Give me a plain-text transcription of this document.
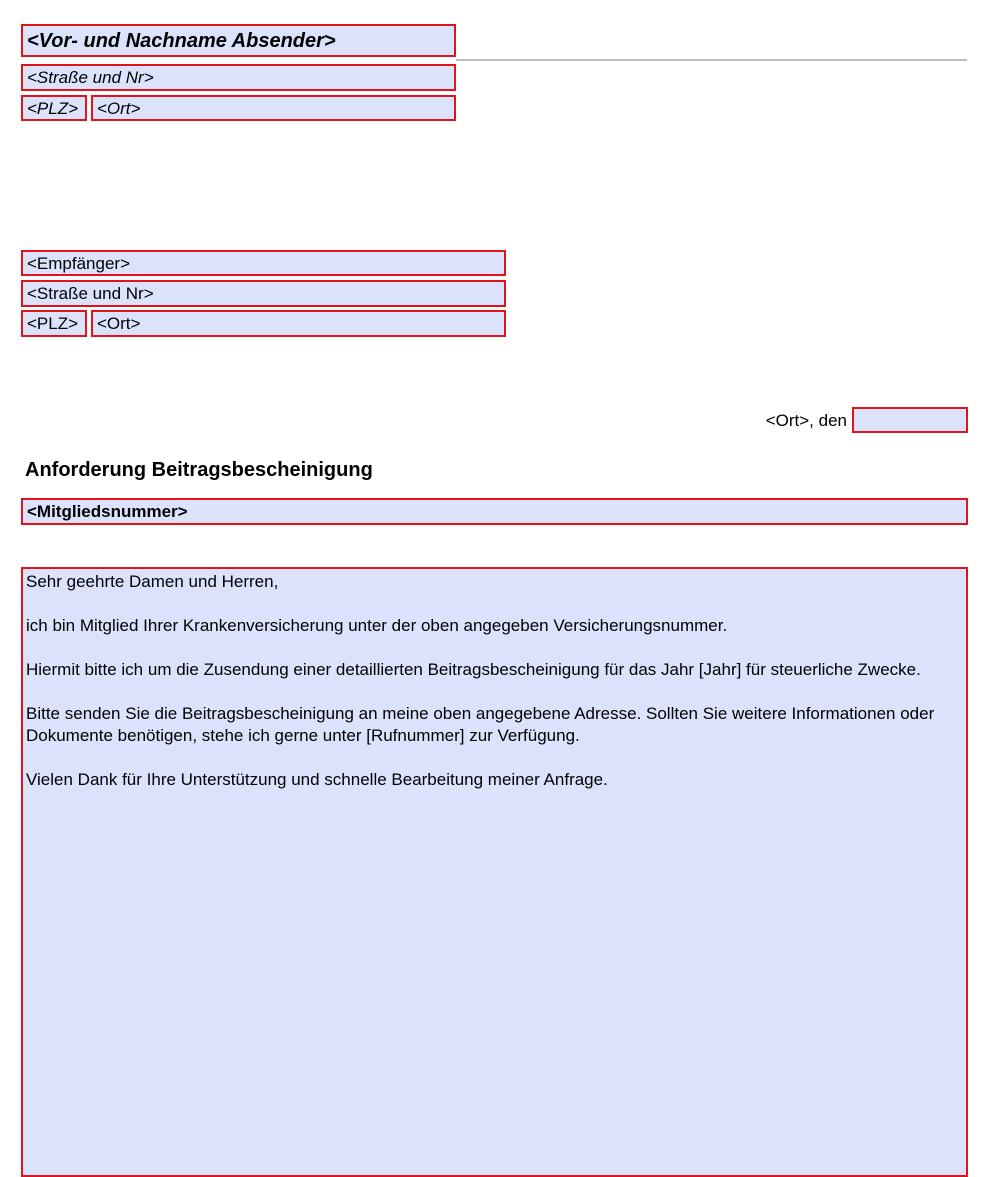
<Vor- und Nachname Absender>
<Straße und Nr>
<PLZ>	<Ort>
<Empfänger>
<Straße und Nr>
<PLZ>	<Ort>
<Ort>, den
Anforderung Beitragsbescheinigung
<Mitgliedsnummer>

Sehr geehrte Damen und Herren,

ich bin Mitglied Ihrer Krankenversicherung unter der oben angegeben Versicherungsnummer.

Hiermit bitte ich um die Zusendung einer detaillierten Beitragsbescheinigung für das Jahr [Jahr] für steuerliche Zwecke.

Bitte senden Sie die Beitragsbescheinigung an meine oben angegebene Adresse. Sollten Sie weitere Informationen oder Dokumente benötigen, stehe ich gerne unter [Rufnummer] zur Verfügung.

Vielen Dank für Ihre Unterstützung und schnelle Bearbeitung meiner Anfrage.
